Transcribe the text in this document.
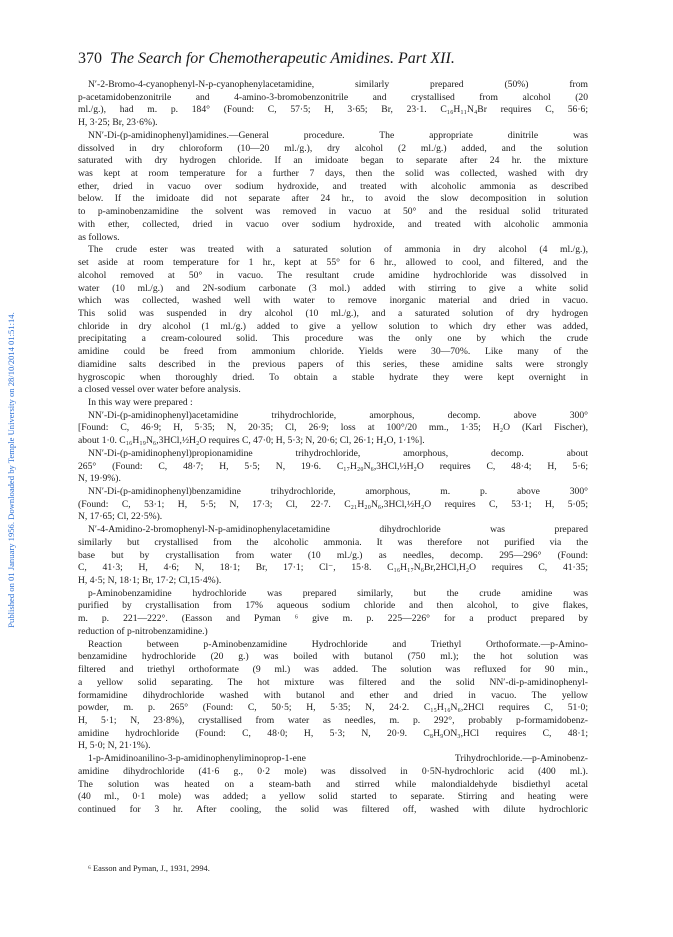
Published on 01 January 1956. Downloaded by Temple University on 28/10/2014 01:51:14.
370 The Search for Chemotherapeutic Amidines. Part XII.
N′-2-Bromo-4-cyanophenyl-N-p-cyanophenylacetamidine, similarly prepared (50%) from
p-acetamidobenzonitrile and 4-amino-3-bromobenzonitrile and crystallised from alcohol (20
ml./g.), had m. p. 184° (Found: C, 57·5; H, 3·65; Br, 23·1. C₁₆H₁₁N₄Br requires C, 56·6;
H, 3·25; Br, 23·6%).
NN′-Di-(p-amidinophenyl)amidines.—General procedure. The appropriate dinitrile was
dissolved in dry chloroform (10—20 ml./g.), dry alcohol (2 ml./g.) added, and the solution
saturated with dry hydrogen chloride. If an imidoate began to separate after 24 hr. the mixture
was kept at room temperature for a further 7 days, then the solid was collected, washed with dry
ether, dried in vacuo over sodium hydroxide, and treated with alcoholic ammonia as described
below. If the imidoate did not separate after 24 hr., to avoid the slow decomposition in solution
to p-aminobenzamidine the solvent was removed in vacuo at 50° and the residual solid triturated
with ether, collected, dried in vacuo over sodium hydroxide, and treated with alcoholic ammonia
as follows.
The crude ester was treated with a saturated solution of ammonia in dry alcohol (4 ml./g.),
set aside at room temperature for 1 hr., kept at 55° for 6 hr., allowed to cool, and filtered, and the
alcohol removed at 50° in vacuo. The resultant crude amidine hydrochloride was dissolved in
water (10 ml./g.) and 2N-sodium carbonate (3 mol.) added with stirring to give a white solid
which was collected, washed well with water to remove inorganic material and dried in vacuo.
This solid was suspended in dry alcohol (10 ml./g.), and a saturated solution of dry hydrogen
chloride in dry alcohol (1 ml./g.) added to give a yellow solution to which dry ether was added,
precipitating a cream-coloured solid. This procedure was the only one by which the crude
amidine could be freed from ammonium chloride. Yields were 30—70%. Like many of the
diamidine salts described in the previous papers of this series, these amidine salts were strongly
hygroscopic when thoroughly dried. To obtain a stable hydrate they were kept overnight in
a closed vessel over water before analysis.
In this way were prepared :
NN′-Di-(p-amidinophenyl)acetamidine trihydrochloride, amorphous, decomp. above 300°
[Found: C, 46·9; H, 5·35; N, 20·35; Cl, 26·9; loss at 100°/20 mm., 1·35; H₂O (Karl Fischer),
about 1·0. C₁₆H₁₉N₆,3HCl,½H₂O requires C, 47·0; H, 5·3; N, 20·6; Cl, 26·1; H₂O, 1·1%].
NN′-Di-(p-amidinophenyl)propionamidine trihydrochloride, amorphous, decomp. about
265° (Found: C, 48·7; H, 5·5; N, 19·6. C₁₇H₂₀N₆,3HCl,½H₂O requires C, 48·4; H, 5·6;
N, 19·9%).
NN′-Di-(p-amidinophenyl)benzamidine trihydrochloride, amorphous, m. p. above 300°
(Found: C, 53·1; H, 5·5; N, 17·3; Cl, 22·7. C₂₁H₂₀N₆,3HCl,½H₂O requires C, 53·1; H, 5·05;
N, 17·65; Cl, 22·5%).
N′-4-Amidino-2-bromophenyl-N-p-amidinophenylacetamidine dihydrochloride was prepared
similarly but crystallised from the alcoholic ammonia. It was therefore not purified via the
base but by crystallisation from water (10 ml./g.) as needles, decomp. 295—296° (Found:
C, 41·3; H, 4·6; N, 18·1; Br, 17·1; Cl⁻, 15·8. C₁₆H₁₇N₆Br,2HCl,H₂O requires C, 41·35;
H, 4·5; N, 18·1; Br, 17·2; Cl,15·4%).
p-Aminobenzamidine hydrochloride was prepared similarly, but the crude amidine was
purified by crystallisation from 17% aqueous sodium chloride and then alcohol, to give flakes,
m. p. 221—222°. (Easson and Pyman ⁶ give m. p. 225—226° for a product prepared by
reduction of p-nitrobenzamidine.)
Reaction between p-Aminobenzamidine Hydrochloride and Triethyl Orthoformate.—p-Amino-
benzamidine hydrochloride (20 g.) was boiled with butanol (750 ml.); the hot solution was
filtered and triethyl orthoformate (9 ml.) was added. The solution was refluxed for 90 min.,
a yellow solid separating. The hot mixture was filtered and the solid NN′-di-p-amidinophenyl-
formamidine dihydrochloride washed with butanol and ether and dried in vacuo. The yellow
powder, m. p. 265° (Found: C, 50·5; H, 5·35; N, 24·2. C₁₅H₁₆N₆,2HCl requires C, 51·0;
H, 5·1; N, 23·8%), crystallised from water as needles, m. p. 292°, probably p-formamidobenz-
amidine hydrochloride (Found: C, 48·0; H, 5·3; N, 20·9. C₈H₉ON₃,HCl requires C, 48·1;
H, 5·0; N, 21·1%).
1-p-Amidinoanilino-3-p-amidinophenyliminoprop-1-ene Trihydrochloride.—p-Aminobenz-
amidine dihydrochloride (41·6 g., 0·2 mole) was dissolved in 0·5N-hydrochloric acid (400 ml.).
The solution was heated on a steam-bath and stirred while malondialdehyde bisdiethyl acetal
(40 ml., 0·1 mole) was added; a yellow solid started to separate. Stirring and heating were
continued for 3 hr. After cooling, the solid was filtered off, washed with dilute hydrochloric
⁶ Easson and Pyman, J., 1931, 2994.
